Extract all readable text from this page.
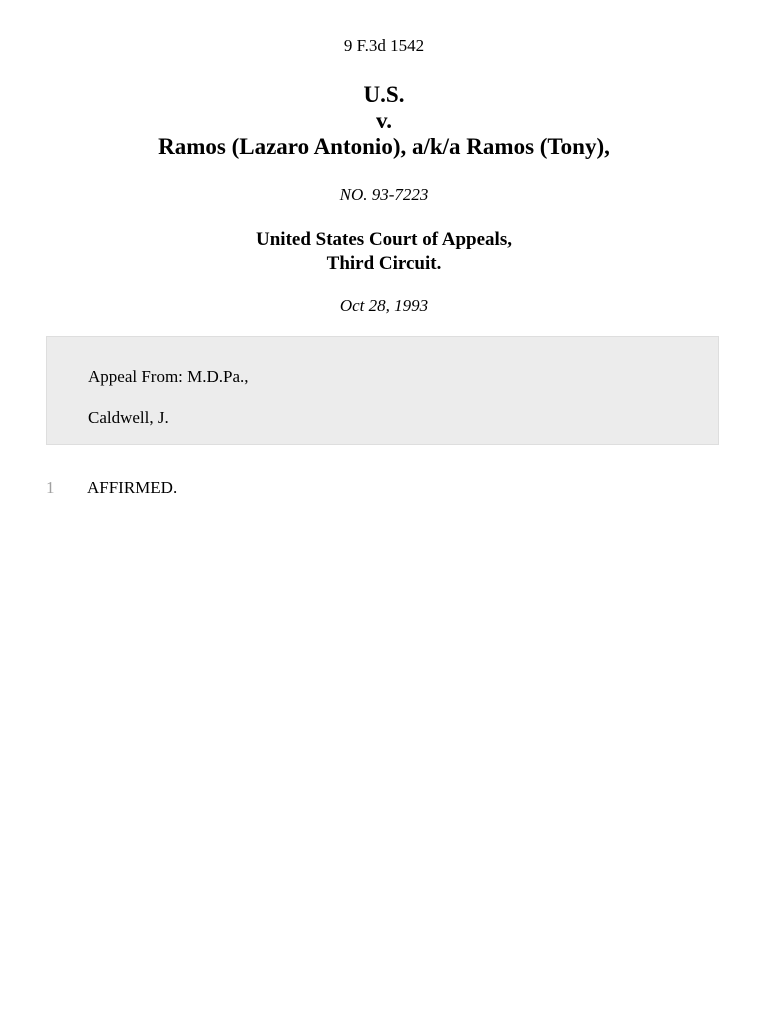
9 F.3d 1542
U.S.
v.
Ramos (Lazaro Antonio), a/k/a Ramos (Tony),
NO. 93-7223
United States Court of Appeals,
Third Circuit.
Oct 28, 1993
Appeal From: M.D.Pa.,
Caldwell, J.
1 AFFIRMED.
